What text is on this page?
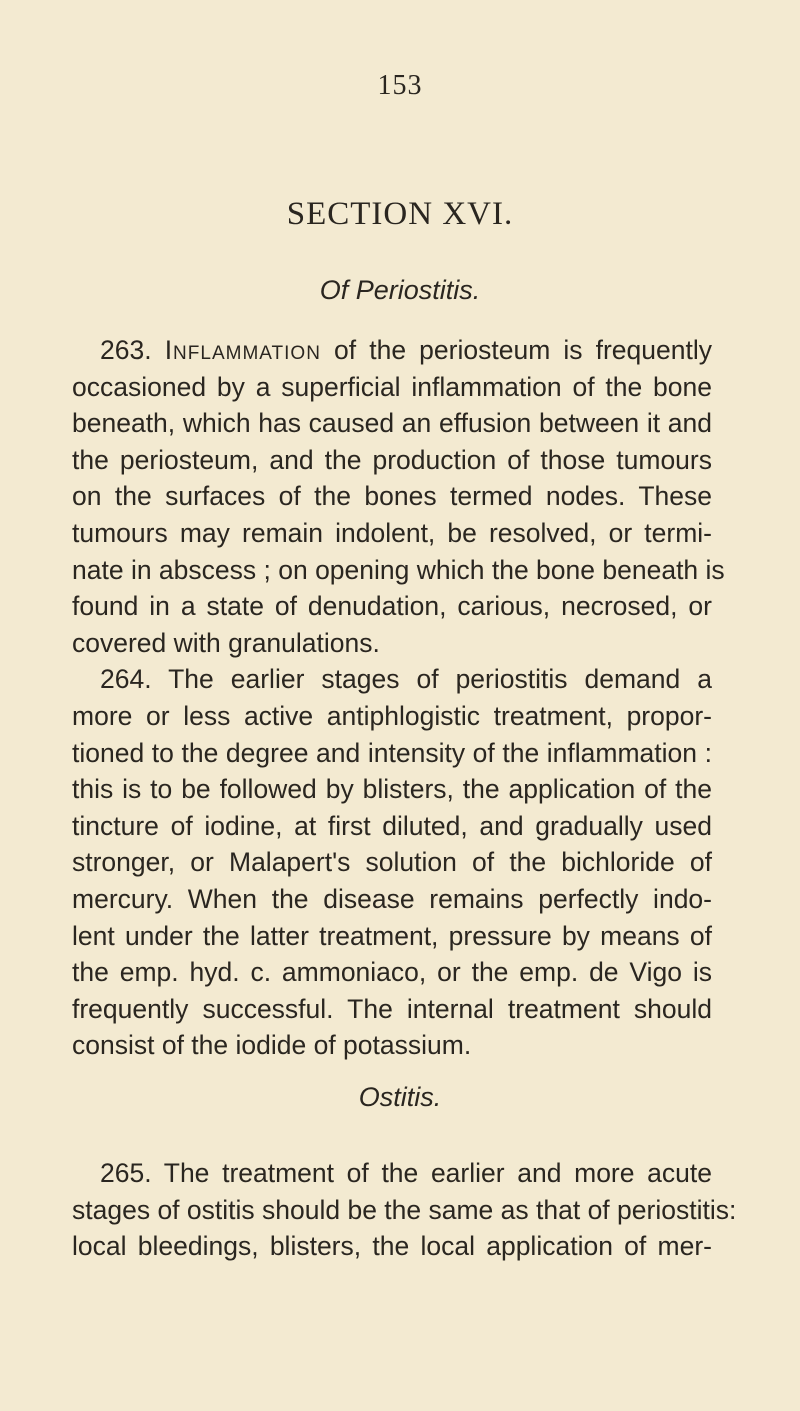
153
SECTION XVI.
Of Periostitis.
263. Inflammation of the periosteum is frequently
occasioned by a superficial inflammation of the bone
beneath, which has caused an effusion between it and
the periosteum, and the production of those tumours
on the surfaces of the bones termed nodes. These
tumours may remain indolent, be resolved, or termi-
nate in abscess ; on opening which the bone beneath is
found in a state of denudation, carious, necrosed, or
covered with granulations.
264. The earlier stages of periostitis demand a
more or less active antiphlogistic treatment, propor-
tioned to the degree and intensity of the inflammation :
this is to be followed by blisters, the application of the
tincture of iodine, at first diluted, and gradually used
stronger, or Malapert's solution of the bichloride of
mercury. When the disease remains perfectly indo-
lent under the latter treatment, pressure by means of
the emp. hyd. c. ammoniaco, or the emp. de Vigo is
frequently successful. The internal treatment should
consist of the iodide of potassium.
Ostitis.
265. The treatment of the earlier and more acute
stages of ostitis should be the same as that of periostitis:
local bleedings, blisters, the local application of mer-
